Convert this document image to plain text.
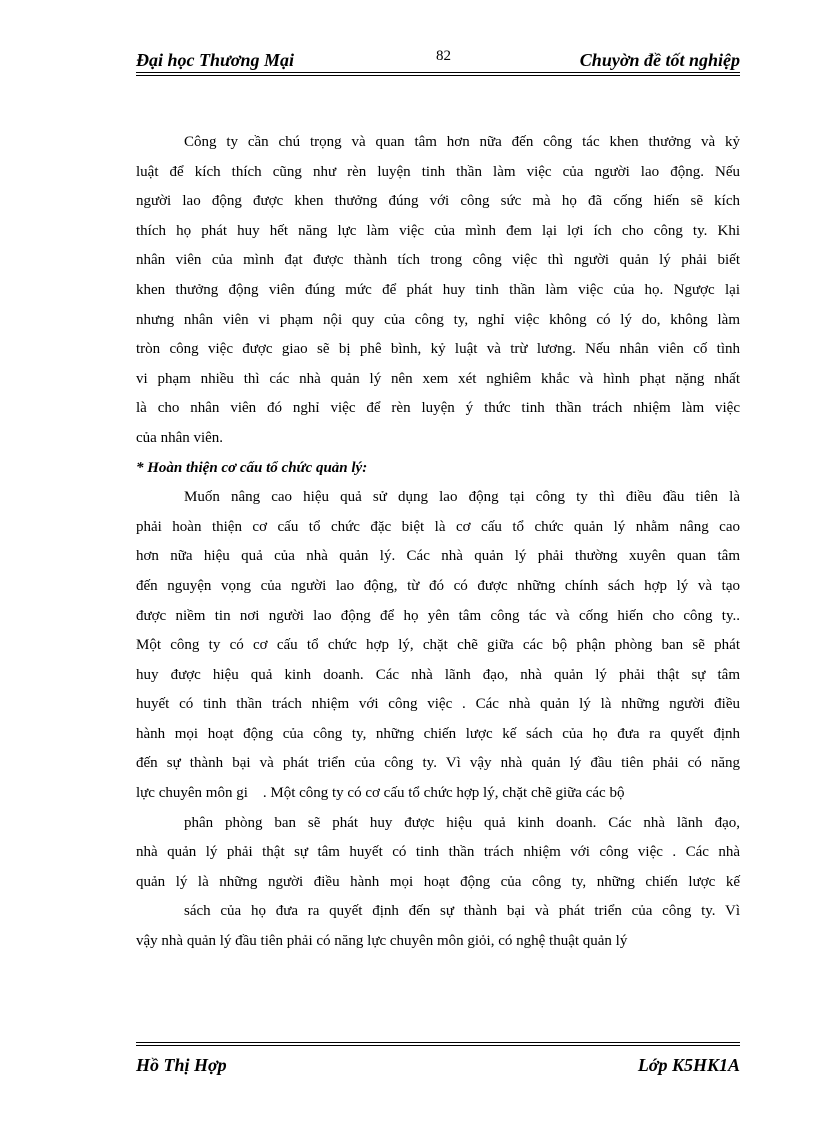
Đại học Thương Mại	82	Chuyờn đề tốt nghiệp
Công ty cần chú trọng và quan tâm hơn nữa đến công tác khen thưởng và kỷ
luật để kích thích cũng như rèn luyện tinh thần làm việc của người lao động. Nếu
người lao động được khen thưởng đúng với công sức mà họ đã cống hiến sẽ kích
thích họ phát huy hết năng lực làm việc của mình đem lại lợi ích cho công ty. Khi
nhân viên của mình đạt được thành tích trong công việc thì người quản lý phải biết
khen thưởng động viên đúng mức để phát huy tinh thần làm việc của họ. Ngược lại
nhưng nhân viên vi phạm nội quy của công ty, nghỉ việc không có lý do, không làm
tròn công việc được giao sẽ bị phê bình, kỷ luật và trừ lương. Nếu nhân viên cố tình
vi phạm nhiều thì các nhà quản lý nên xem xét nghiêm khắc và hình phạt nặng nhất
là cho nhân viên đó nghỉ việc để rèn luyện ý thức tinh thần trách nhiệm làm việc
của nhân viên.
* Hoàn thiện cơ cấu tổ chức quản lý:
Muốn nâng cao hiệu quả sử dụng lao động tại công ty thì điều đầu tiên là
phải hoàn thiện cơ cấu tổ chức đặc biệt là cơ cấu tổ chức quản lý nhằm nâng cao
hơn nữa hiệu quả của nhà quản lý. Các nhà quản lý phải thường xuyên quan tâm
đến nguyện vọng của người lao động, từ đó có được những chính sách hợp lý và tạo
được niềm tin nơi người lao động để họ yên tâm công tác và cống hiến cho công ty..
Một công ty có cơ cấu tổ chức hợp lý, chặt chẽ giữa các bộ phận phòng ban sẽ phát
huy được hiệu quả kinh doanh. Các nhà lãnh đạo, nhà quản lý phải thật sự tâm
huyết có tinh thần trách nhiệm với công việc . Các nhà quản lý là những người điều
hành mọi hoạt động của công ty, những chiến lược kế sách của họ đưa ra quyết định
đến sự thành bại và phát triển của công ty. Vì vậy nhà quản lý đầu tiên phải có năng
lực chuyên môn gi    . Một công ty có cơ cấu tổ chức hợp lý, chặt chẽ giữa các bộ
phân phòng ban sẽ phát huy được hiệu quả kinh doanh. Các nhà lãnh đạo,
nhà quản lý phải thật sự tâm huyết có tinh thần trách nhiệm với công việc . Các nhà
quản lý là những người điều hành mọi hoạt động của công ty, những chiến lược kế
sách của họ đưa ra quyết định đến sự thành bại và phát triển của công ty. Vì
vậy nhà quản lý đầu tiên phải có năng lực chuyên môn giỏi, có nghệ thuật quản lý
Hồ Thị Hợp	Lớp K5HK1A
